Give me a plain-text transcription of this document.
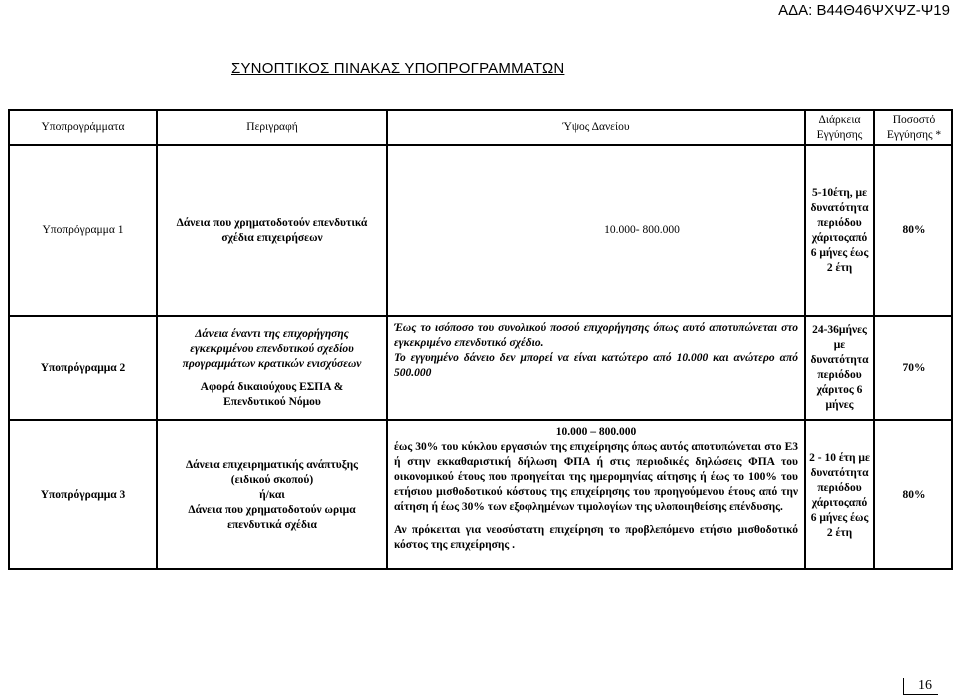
ΑΔΑ: Β44Θ46ΨΧΨΖ-Ψ19
ΣΥΝΟΠΤΙΚΟΣ ΠΙΝΑΚΑΣ ΥΠΟΠΡΟΓΡΑΜΜΑΤΩΝ
Υποπρογράμματα	Περιγραφή	Ύψος Δανείου
Διάρκεια Εγγύησης
Ποσοστό Εγγύησης *
Υποπρόγραμμα 1
Δάνεια που χρηματοδοτούν επενδυτικά σχέδια επιχειρήσεων
10.000- 800.000
5-10έτη, με δυνατότητα περιόδου χάριτοςαπό 6 μήνες έως 2 έτη
80%
Υποπρόγραμμα 2
Δάνεια έναντι της επιχορήγησης εγκεκριμένου επενδυτικού σχεδίου προγραμμάτων κρατικών ενισχύσεων
Αφορά δικαιούχους ΕΣΠΑ & Επενδυτικού Νόμου
Έως το ισόποσο του συνολικού ποσού επιχορήγησης όπως αυτό αποτυπώνεται στο εγκεκριμένο επενδυτικό σχέδιο.
Το εγγυημένο δάνειο δεν μπορεί να είναι κατώτερο από 10.000 και ανώτερο από 500.000
24-36μήνες με δυνατότητα περιόδου χάριτος 6 μήνες
70%
Υποπρόγραμμα 3
Δάνεια επιχειρηματικής ανάπτυξης (ειδικού σκοπού)
ή/και
Δάνεια που χρηματοδοτούν ωριμα επενδυτικά σχέδια
10.000 – 800.000
έως 30% του κύκλου εργασιών της επιχείρησης όπως αυτός αποτυπώνεται στο Ε3 ή στην εκκαθαριστική δήλωση ΦΠΑ ή στις περιοδικές δηλώσεις ΦΠΑ του οικονομικού έτους που προηγείται της ημερομηνίας αίτησης ή έως το 100% του ετήσιου μισθοδοτικού κόστους της επιχείρησης του προηγούμενου έτους από την αίτηση ή έως 30% των εξοφλημένων τιμολογίων της υλοποιηθείσης επένδυσης.
Αν πρόκειται για νεοσύστατη επιχείρηση το προβλεπόμενο ετήσιο μισθοδοτικό κόστος της επιχείρησης .
2 - 10 έτη με δυνατότητα περιόδου χάριτοςαπό 6 μήνες έως 2 έτη
80%
16
